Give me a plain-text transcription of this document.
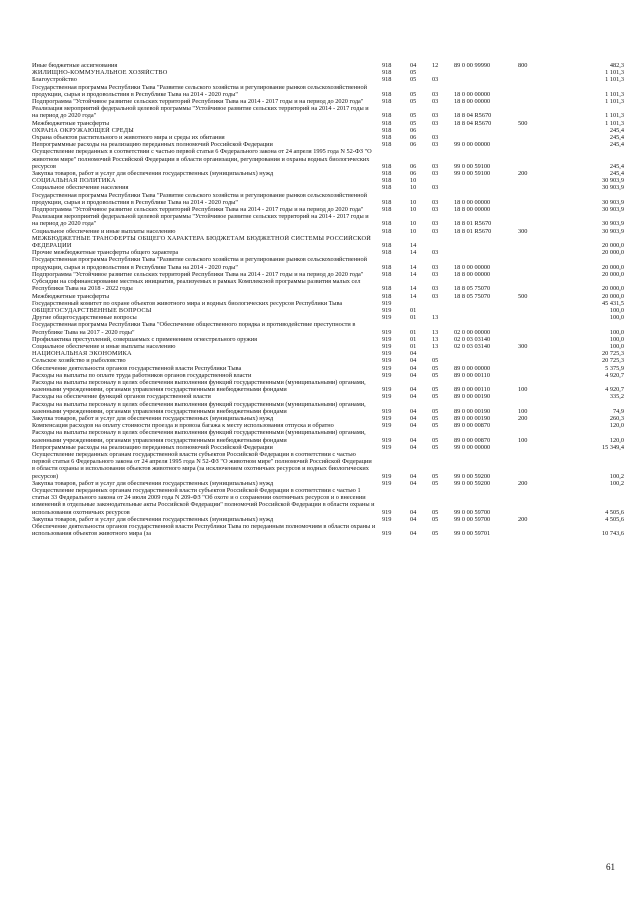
Иные бюджетные ассигнования	918	04	12	89 0 00 99990	800	482,3
ЖИЛИЩНО-КОММУНАЛЬНОЕ ХОЗЯЙСТВО	918	05				1 101,3
Благоустройство	918	05	03			1 101,3
Государственная программа Республики Тыва "Развитие сельского хозяйства и регулирование рынков сельскохозяйственной продукции, сырья и продовольствия в Республике Тыва на 2014 - 2020 годы"	918	05	03	18 0 00 00000		1 101,3
Подпрограмма "Устойчивое развитие сельских территорий Республики Тыва на 2014 - 2017 годы и на период до 2020 года"	918	05	03	18 8 00 00000		1 101,3
Реализация мероприятий федеральной целевой программы "Устойчивое развитие сельских территорий на 2014 - 2017 годы и на период до 2020 года"	918	05	03	18 8 04 R5670		1 101,3
Межбюджетные трансферты	918	05	03	18 8 04 R5670	500	1 101,3
ОХРАНА ОКРУЖАЮЩЕЙ СРЕДЫ	918	06				245,4
Охрана объектов растительного и животного мира и среды их обитания	918	06	03			245,4
Непрограммные расходы на реализацию переданных полномочий Российской Федерации	918	06	03	99 0 00 00000		245,4
Осуществление переданных в соответствии с частью первой статьи 6 Федерального закона от 24 апреля 1995 года N 52-ФЗ "О животном мире" полномочий Российской Федерации в области организации, регулирования и охраны водных биологических ресурсов	918	06	03	99 0 00 59100		245,4
Закупка товаров, работ и услуг для обеспечения государственных (муниципальных) нужд	918	06	03	99 0 00 59100	200	245,4
СОЦИАЛЬНАЯ ПОЛИТИКА	918	10				30 903,9
Социальное обеспечение населения	918	10	03			30 903,9
Государственная программа Республики Тыва "Развитие сельского хозяйства и регулирование рынков сельскохозяйственной продукции, сырья и продовольствия в Республике Тыва на 2014 - 2020 годы"	918	10	03	18 0 00 00000		30 903,9
Подпрограмма "Устойчивое развитие сельских территорий Республики Тыва на 2014 - 2017 годы и на период до 2020 года"	918	10	03	18 8 00 00000		30 903,9
Реализация мероприятий федеральной целевой программы "Устойчивое развитие сельских территорий на 2014 - 2017 годы и на период до 2020 года"	918	10	03	18 8 01 R5670		30 903,9
Социальное обеспечение и иные выплаты населению	918	10	03	18 8 01 R5670	300	30 903,9
МЕЖБЮДЖЕТНЫЕ ТРАНСФЕРТЫ ОБЩЕГО ХАРАКТЕРА БЮДЖЕТАМ БЮДЖЕТНОЙ СИСТЕМЫ РОССИЙСКОЙ ФЕДЕРАЦИИ	918	14				20 000,0
Прочие межбюджетные трансферты общего характера	918	14	03			20 000,0
Государственная программа Республики Тыва "Развитие сельского хозяйства и регулирование рынков сельскохозяйственной продукции, сырья и продовольствия в Республике Тыва на 2014 - 2020 годы"	918	14	03	18 0 00 00000		20 000,0
Подпрограмма "Устойчивое развитие сельских территорий Республики Тыва на 2014 - 2017 годы и на период до 2020 года"	918	14	03	18 8 00 00000		20 000,0
Субсидии на софинансирование местных инициатив, реализуемых в рамках Комплексной программы развития малых сел Республики Тыва на 2018 - 2022 годы	918	14	03	18 8 05 75070		20 000,0
Межбюджетные трансферты	918	14	03	18 8 05 75070	500	20 000,0
Государственный комитет по охране объектов животного мира и водных биологических ресурсов Республики Тыва	919					45 431,5
ОБЩЕГОСУДАРСТВЕННЫЕ ВОПРОСЫ	919	01				100,0
Другие общегосударственные вопросы	919	01	13			100,0
Государственная программа Республики Тыва "Обеспечение общественного порядка и противодействие преступности в Республике Тыва на 2017 - 2020 годы"	919	01	13	02 0 00 00000		100,0
Профилактика преступлений, совершаемых с применением огнестрельного оружия	919	01	13	02 0 03 03140		100,0
Социальное обеспечение и иные выплаты населению	919	01	13	02 0 03 03140	300	100,0
НАЦИОНАЛЬНАЯ ЭКОНОМИКА	919	04				20 725,3
Сельское хозяйство и рыболовство	919	04	05			20 725,3
Обеспечение деятельности органов государственной власти Республики Тыва	919	04	05	89 0 00 00000		5 375,9
Расходы на выплаты по оплате труда работников органов государственной власти	919	04	05	89 0 00 00110		4 920,7
Расходы на выплаты персоналу в целях обеспечения выполнения функций государственными (муниципальными) органами, казенными учреждениями, органами управления государственными внебюджетными фондами	919	04	05	89 0 00 00110	100	4 920,7
Расходы на обеспечение функций органов государственной власти	919	04	05	89 0 00 00190		335,2
Расходы на выплаты персоналу в целях обеспечения выполнения функций государственными (муниципальными) органами, казенными учреждениями, органами управления государственными внебюджетными фондами	919	04	05	89 0 00 00190	100	74,9
Закупка товаров, работ и услуг для обеспечения государственных (муниципальных) нужд	919	04	05	89 0 00 00190	200	260,3
Компенсация расходов на оплату стоимости проезда и провоза багажа к месту использования отпуска и обратно	919	04	05	89 0 00 00870		120,0
Расходы на выплаты персоналу в целях обеспечения выполнения функций государственными (муниципальными) органами, казенными учреждениями, органами управления государственными внебюджетными фондами	919	04	05	89 0 00 00870	100	120,0
Непрограммные расходы на реализацию переданных полномочий Российской Федерации	919	04	05	99 0 00 00000		15 349,4
Осуществление переданных органам государственной власти субъектов Российской Федерации в соответствии с частью первой статьи 6 Федерального закона от 24 апреля 1995 года N 52-ФЗ "О животном мире" полномочий Российской Федерации в области охраны и использования объектов животного мира (за исключением охотничьих ресурсов и водных биологических ресурсов)	919	04	05	99 0 00 59200		100,2
Закупка товаров, работ и услуг для обеспечения государственных (муниципальных) нужд	919	04	05	99 0 00 59200	200	100,2
Осуществление переданных органам государственной власти субъектов Российской Федерации в соответствии с частью 1 статьи 33 Федерального закона от 24 июля 2009 года N 209-ФЗ "Об охоте и о сохранении охотничьих ресурсов и о внесении изменений в отдельные законодательные акты Российской Федерации" полномочий Российской Федерации в области охраны и использования охотничьих ресурсов	919	04	05	99 0 00 59700		4 505,6
Закупка товаров, работ и услуг для обеспечения государственных (муниципальных) нужд	919	04	05	99 0 00 59700	200	4 505,6
Обеспечение деятельности органов государственной власти Республики Тыва по переданным полномочиям в области охраны и использования объектов животного мира (за	919	04	05	99 0 00 59701		10 743,6
61
